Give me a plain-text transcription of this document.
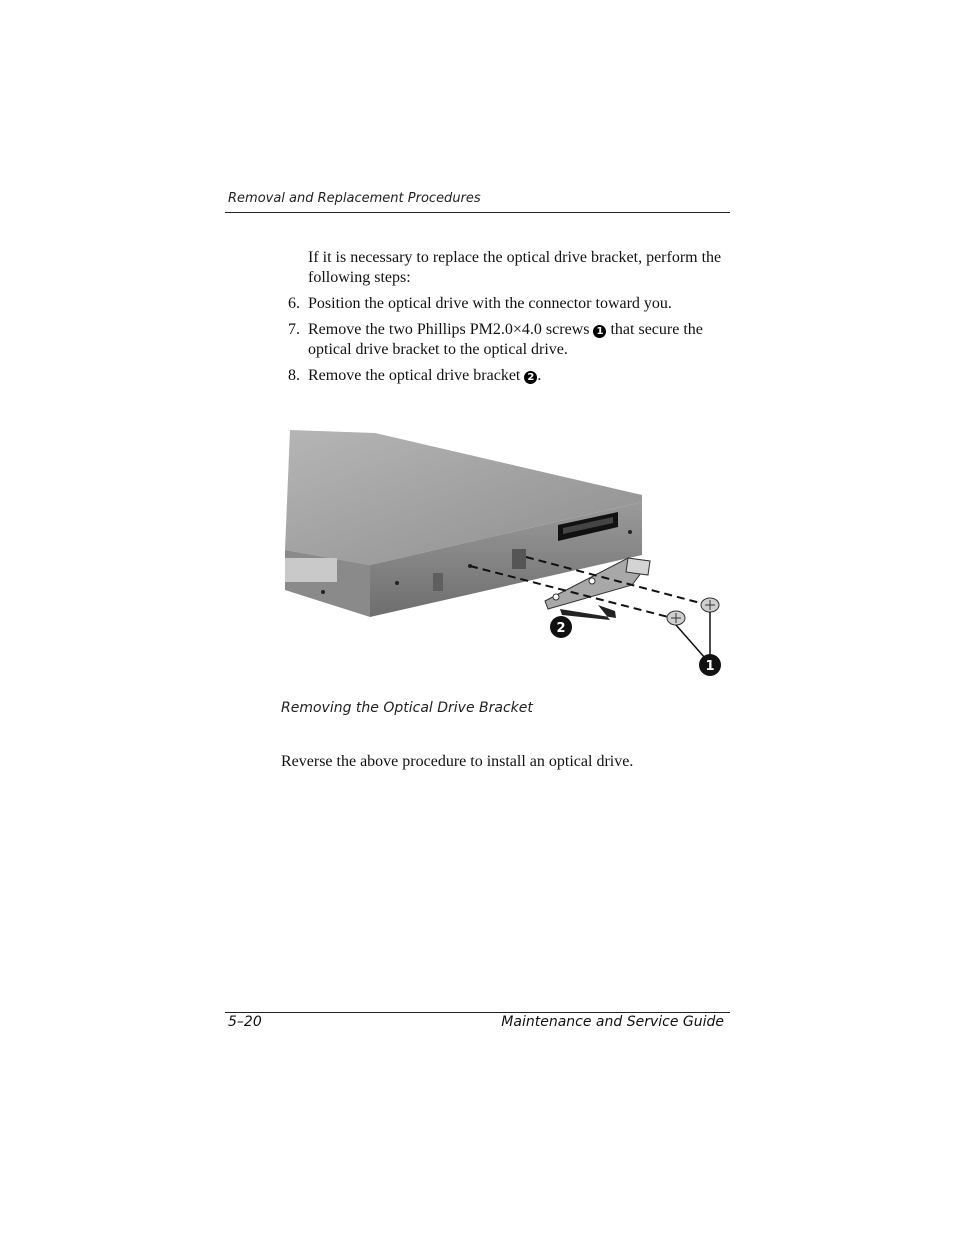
Removal and Replacement Procedures
If it is necessary to replace the optical drive bracket, perform the following steps:
6. Position the optical drive with the connector toward you.
7. Remove the two Phillips PM2.0×4.0 screws 1 that secure the optical drive bracket to the optical drive.
8. Remove the optical drive bracket 2 .
1
2
Removing the Optical Drive Bracket
Reverse the above procedure to install an optical drive.
5–20	Maintenance and Service Guide
